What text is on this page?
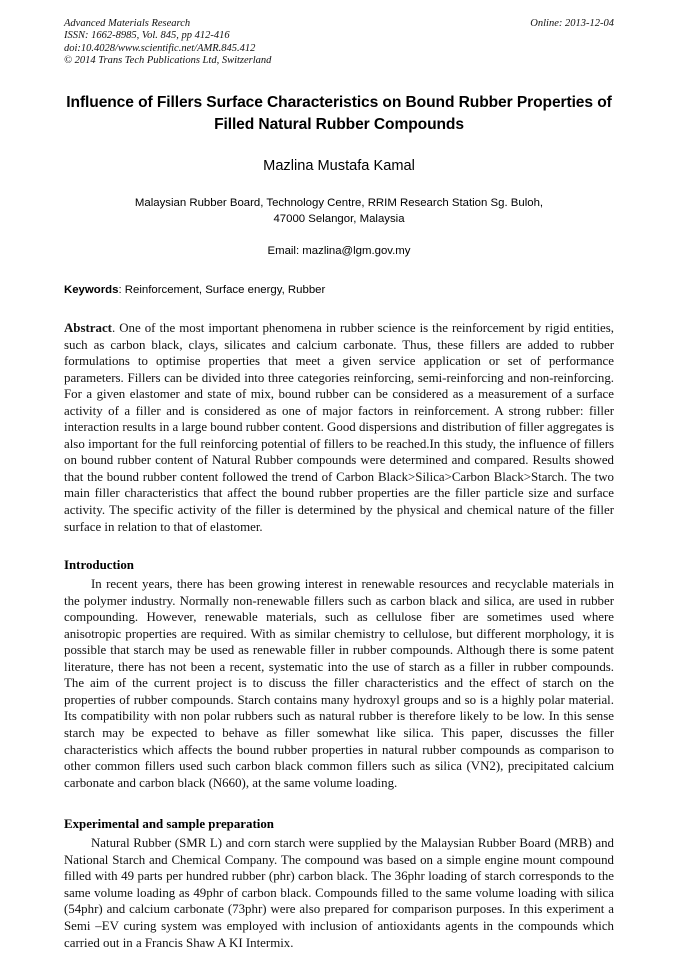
Advanced Materials Research
ISSN: 1662-8985, Vol. 845, pp 412-416
doi:10.4028/www.scientific.net/AMR.845.412
© 2014 Trans Tech Publications Ltd, Switzerland
Online: 2013-12-04
Influence of Fillers Surface Characteristics on Bound Rubber Properties of Filled Natural Rubber Compounds
Mazlina Mustafa Kamal
Malaysian Rubber Board, Technology Centre, RRIM Research Station Sg. Buloh,
47000 Selangor, Malaysia
Email: mazlina@lgm.gov.my
Keywords: Reinforcement, Surface energy, Rubber
Abstract. One of the most important phenomena in rubber science is the reinforcement by rigid entities, such as carbon black, clays, silicates and calcium carbonate. Thus, these fillers are added to rubber formulations to optimise properties that meet a given service application or set of performance parameters. Fillers can be divided into three categories reinforcing, semi-reinforcing and non-reinforcing. For a given elastomer and state of mix, bound rubber can be considered as a measurement of a surface activity of a filler and is considered as one of major factors in reinforcement. A strong rubber: filler interaction results in a large bound rubber content. Good dispersions and distribution of filler aggregates is also important for the full reinforcing potential of fillers to be reached.In this study, the influence of fillers on bound rubber content of Natural Rubber compounds were determined and compared. Results showed that the bound rubber content followed the trend of Carbon Black>Silica>Carbon Black>Starch. The two main filler characteristics that affect the bound rubber properties are the filler particle size and surface activity. The specific activity of the filler is determined by the physical and chemical nature of the filler surface in relation to that of elastomer.
Introduction
In recent years, there has been growing interest in renewable resources and recyclable materials in the polymer industry. Normally non-renewable fillers such as carbon black and silica, are used in rubber compounding. However, renewable materials, such as cellulose fiber are sometimes used where anisotropic properties are required. With as similar chemistry to cellulose, but different morphology, it is possible that starch may be used as renewable filler in rubber compounds. Although there is some patent literature, there has not been a recent, systematic into the use of starch as a filler in rubber compounds. The aim of the current project is to discuss the filler characteristics and the effect of starch on the properties of rubber compounds. Starch contains many hydroxyl groups and so is a highly polar material. Its compatibility with non polar rubbers such as natural rubber is therefore likely to be low. In this sense starch may be expected to behave as filler somewhat like silica. This paper, discusses the filler characteristics which affects the bound rubber properties in natural rubber compounds as comparison to other common fillers used such carbon black common fillers such as silica (VN2), precipitated calcium carbonate and carbon black (N660), at the same volume loading.
Experimental and sample preparation
Natural Rubber (SMR L) and corn starch were supplied by the Malaysian Rubber Board (MRB) and National Starch and Chemical Company. The compound was based on a simple engine mount compound filled with 49 parts per hundred rubber (phr) carbon black. The 36phr loading of starch corresponds to the same volume loading as 49phr of carbon black. Compounds filled to the same volume loading with silica (54phr) and calcium carbonate (73phr) were also prepared for comparison purposes. In this experiment a Semi –EV curing system was employed with inclusion of antioxidants agents in the compounds which carried out in a Francis Shaw A KI Intermix.
